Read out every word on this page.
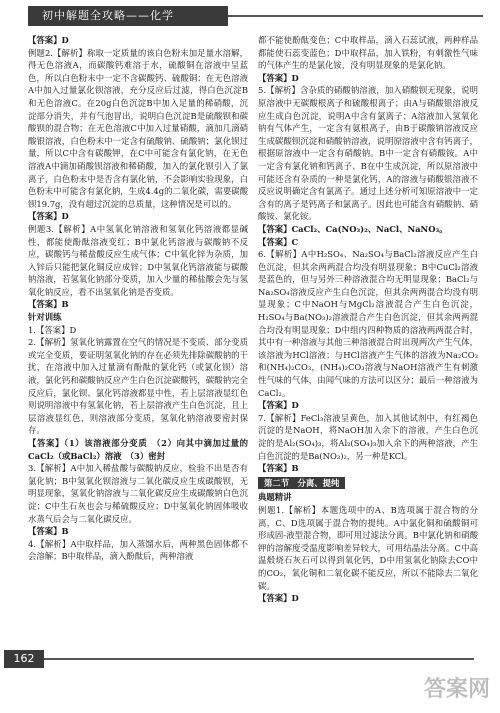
初中解题全攻略——化学

【答案】D

例题2.【解析】称取一定质量的该白色粉末加足量水溶解，得无色溶液A，而碳酸钙难溶于水，硫酸铜在溶液中呈蓝色，所以白色粉末中一定不含碳酸钙、硫酸铜；在无色溶液A中加入过量氯化钡溶液，充分反应后过滤，得白色沉淀B和无色溶液C。在20g白色沉淀B中加入足量的稀硝酸，沉淀部分消失，并有气泡冒出，说明白色沉淀B是硫酸钡和碳酸钡的混合物；在无色溶液C中加入过量硝酸，滴加几滴硝酸银溶液，白色粉末中一定含有硫酸钠、硫酸钠；氯化钡过量，所以C中含有碳酸钾，在C中可能含有氯化钠，在无色溶液A中滴加硝酸钡溶液和稀硝酸，加入的氯化钡引入了氯离子，白色粉末中是否含有氯化钠，不会影响实验现象，白色粉末中可能含有氯化钠，生成4.4g的二氧化碳，需要碳酸钡19.7g，没有超过沉淀的总质量，这种情况是可以的。

【答案】D

例题3.【解析】A中氢氧化钠溶液和氢氧化钙溶液都显碱性，都能使酚酞溶液变红；B中氯化钙溶液与碳酸钠不反应，碳酸钙与稀盐酸反应生成气体；C中氧化锌为杂质，加入锌后只能把氯化铜反应成锌；D中氢氧化钙溶液能与碳酸钠溶液，若氢氧化钠部分变质，加入少量的稀盐酸会先与氢氧化钠反应，看不出氢氧化钠是否变质。

【答案】B

针对训练

1.【答案】D

2.【解析】氢氧化钠露置在空气的情况是不变质、部分变质或完全变质，要证明氢氧化钠的存在必须先排除碳酸钠的干扰，在溶液中加入过量滴有酚酞的氯化钙（或氯化钡）溶液，氯化钙和碳酸钠反应产生白色沉淀碳酸钙，碳酸钠完全反应后，氯化钡、氯化钙溶液都显中性，若上层溶液显红色则说明溶液中有氢氧化钠，若上层溶液产生白色沉淀，且上层溶液显红色，则溶液部分变质，氢氧化钠溶液要密封保存。

【答案】（1）该溶液部分变质　（2）向其中滴加过量的CaCl₂（或BaCl₂）溶液　（3）密封

3.【解析】A中加入稀盐酸与碳酸钠反应，检验不出是否有氯化钠；B中氢氧化钡溶液与二氧化碳反应生成碳酸钡，无明显现象，氢氧化钠溶液与二氧化碳反应生成碳酸钠白色沉淀；C中生石灰也会与稀硫酸反应；D中氢氧化钠固体吸收水蒸气后会与二氧化碳反应。

【答案】B

4.【解析】A中取样品，加入蒸馏水后，两种黑色固体都不会溶解；B中取样品，滴入酚酞后，两种溶液

都不能使酚酞变色；C中取样品，滴入石蕊试液，两种样品都能使石蕊变蓝色；D中取样品，加入铁粉，有刺激性气味的气体产生的是氯化铵，没有明显现象的是氯化钠。

【答案】D

5.【解析】含杂质的硝酸钠溶液，加入硝酸钡无现象，说明原溶液中无碳酸根离子和硫酸根离子；由A与硝酸银溶液反应生成白色沉淀，说明A中含有氯离子；A溶液加入氢氧化钠有气体产生，一定含有氨根离子，由B于碳酸钠溶液反应生成碳酸钡沉淀和硝酸钠溶液，说明原溶液中含有钙离子，根据原溶液中一定含有硝酸钠。B中一定含有硝酸铵。A中一定含有氯化钠和钙离子、B在中生成沉淀，所以原溶液中可能还含有杂质的一种是氯化钙，A的溶液与硝酸银溶液不反应说明确定含有氯离子。通过上述分析可知原溶液中一定含有的离子是钙离子和氯离子。因此也可能含有硝酸钠、硝酸铵、氯化铵。

【答案】CaCl₂、Ca(NO₃)₂、NaCl、NaNO₃。

【答案】C

6.【解析】A中H₂SO₄、Na₂SO₄与BaCl₂溶液反应产生白色沉淀，但其余两两混合均没有明显现象；B中CuCl₂溶液是蓝色的，但与另外三种溶液混合均无明显现象；BaCl₂与Na₂SO₄溶液反应产生白色沉淀，但其余两两混合均没有明显现象；C中NaOH与MgCl₂溶液混合产生白色沉淀，H₂SO₄与Ba(NO₃)₂溶液混合产生白色沉淀，但其余两两混合均没有明显现象；D中组内四种物质的溶液两两混合时，其中有一种溶液与其他三种溶液混合时出现两次产生气体，该溶液为HCl溶液；与HCl溶液产生气体的溶液为Na₂CO₃和(NH₄)₂CO₃，(NH₄)₂CO₃溶液与NaOH溶液产生有刺激性气味的气体，由闻气味的方法可以区分；最后一种溶液为CaCl₂。

【答案】D

7.【解析】FeCl₃溶液呈黄色，加入其他试剂中，有红褐色沉淀的是NaOH，将NaOH加入余下的溶液，产生白色沉淀的是Al₂(SO₄)₃，将Al₂(SO₄)₃加入余下的两种溶液，产生白色沉淀的是Ba(NO₃)₂，另一种是KCl。

【答案】B

第二节　分离、提纯

典题精讲

例题1.【解析】本题选项中的A、B选项属于混合物的分离，C、D选项属于混合物的提纯。A中氯化铜和硫酸铜可形成固-液型混合物，即可用过滤法分离。B中氯化钠和硝酸钾的溶解度受温度影响差异较大，可用结晶法分离。C中高温煅烧石灰石可以得到氧化钙，D中用氢氧化钠除去CO中的CO₂，氧化铜和二氧化碳不能反应，所以不能除去二氧化碳。

【答案】D

162
答案网
